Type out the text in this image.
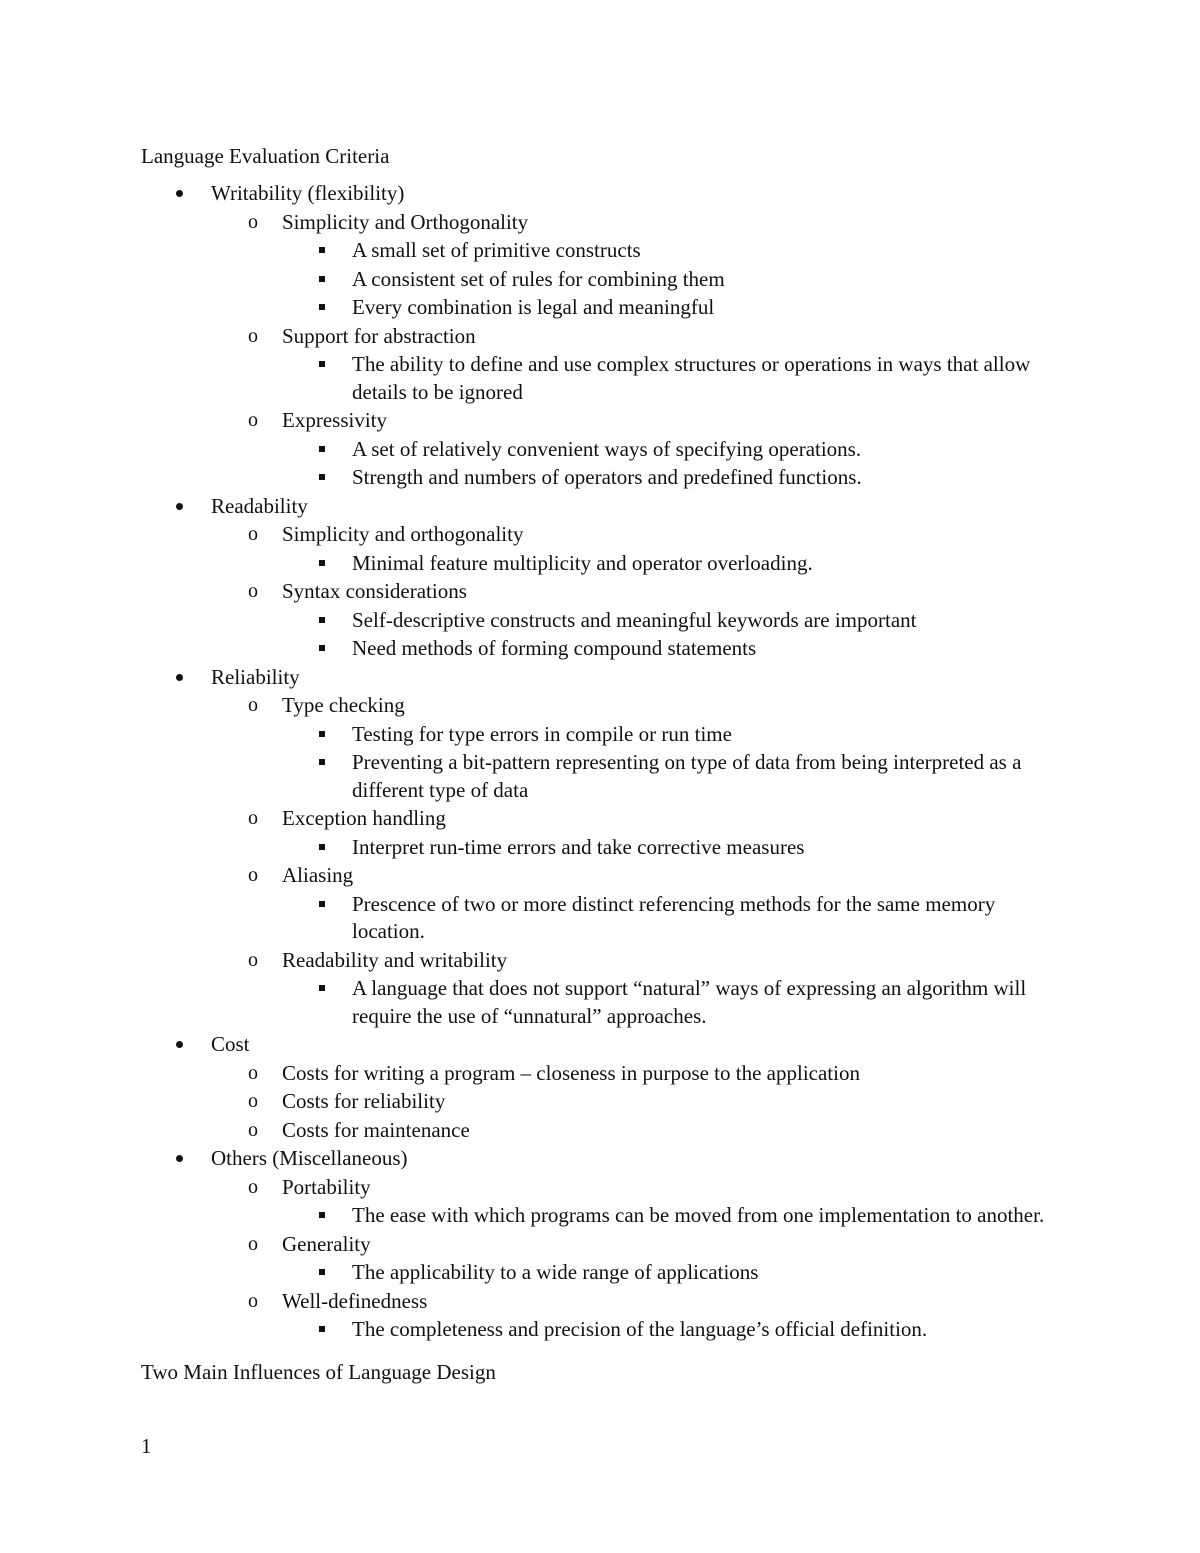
Language Evaluation Criteria
Writability (flexibility)
o Simplicity and Orthogonality
A small set of primitive constructs
A consistent set of rules for combining them
Every combination is legal and meaningful
o Support for abstraction
The ability to define and use complex structures or operations in ways that allow details to be ignored
o Expressivity
A set of relatively convenient ways of specifying operations.
Strength and numbers of operators and predefined functions.
Readability
o Simplicity and orthogonality
Minimal feature multiplicity and operator overloading.
o Syntax considerations
Self-descriptive constructs and meaningful keywords are important
Need methods of forming compound statements
Reliability
o Type checking
Testing for type errors in compile or run time
Preventing a bit-pattern representing on type of data from being interpreted as a different type of data
o Exception handling
Interpret run-time errors and take corrective measures
o Aliasing
Prescence of two or more distinct referencing methods for the same memory location.
o Readability and writability
A language that does not support “natural” ways of expressing an algorithm will require the use of “unnatural” approaches.
Cost
o Costs for writing a program – closeness in purpose to the application
o Costs for reliability
o Costs for maintenance
Others (Miscellaneous)
o Portability
The ease with which programs can be moved from one implementation to another.
o Generality
The applicability to a wide range of applications
o Well-definedness
The completeness and precision of the language’s official definition.
Two Main Influences of Language Design
1
